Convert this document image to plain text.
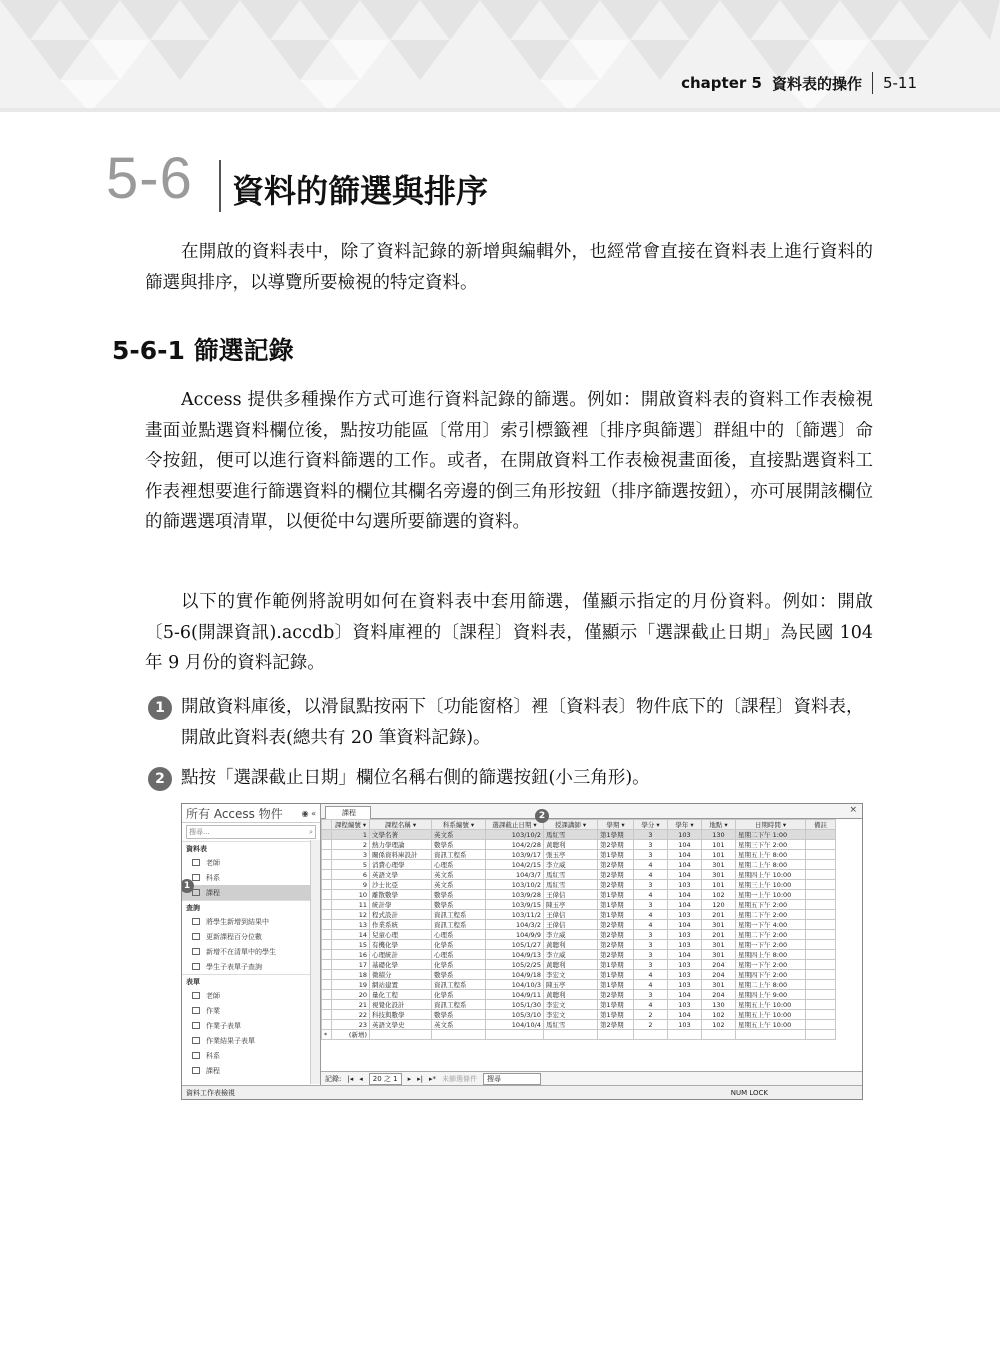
chapter 5 資料表的操作 5-11
5-6 資料的篩選與排序
在開啟的資料表中，除了資料記錄的新增與編輯外，也經常會直接在資料表上進行資料的篩選與排序，以導覽所要檢視的特定資料。
5-6-1 篩選記錄
Access 提供多種操作方式可進行資料記錄的篩選。例如：開啟資料表的資料工作表檢視畫面並點選資料欄位後，點按功能區〔常用〕索引標籤裡〔排序與篩選〕群組中的〔篩選〕命令按鈕，便可以進行資料篩選的工作。或者，在開啟資料工作表檢視畫面後，直接點選資料工作表裡想要進行篩選資料的欄位其欄名旁邊的倒三角形按鈕（排序篩選按鈕），亦可展開該欄位的篩選選項清單，以便從中勾選所要篩選的資料。
以下的實作範例將說明如何在資料表中套用篩選，僅顯示指定的月份資料。例如：開啟〔5-6(開課資訊).accdb〕資料庫裡的〔課程〕資料表，僅顯示「選課截止日期」為民國 104 年 9 月份的資料記錄。
1 開啟資料庫後，以滑鼠點按兩下〔功能窗格〕裡〔資料表〕物件底下的〔課程〕資料表，開啟此資料表(總共有 20 筆資料記錄)。
2 點按「選課截止日期」欄位名稱右側的篩選按鈕(小三角形)。
所有 Access 物件 ◉ «
搜尋...	⌕
資料表
老師
科系
課程
查詢
將學生新增到結果中
更新課程百分位數
新增不在清單中的學生
學生子表單子查詢
表單
老師
作業
作業子表單
作業結果子表單
科系
課程
課程	×
	課程編號 ▾	課程名稱 ▾	科系編號 ▾	選課截止日期 ▾	授課講師 ▾	學期 ▾	學分 ▾	學年 ▾	地點 ▾	日期時間 ▾	備註
	1	文學名著	英文系	103/10/2	馬紅雪	第1學期	3	103	130	星期二下午 1:00	
	2	熱力學理論	數學系	104/2/28	黃聰利	第2學期	3	104	101	星期三下午 2:00	
	3	關係資料庫設計	資訊工程系	103/9/17	張玉亭	第1學期	3	104	101	星期五上午 8:00	
	5	消費心理學	心理系	104/2/15	李立威	第2學期	4	104	301	星期二上午 8:00	
	6	英語文學	英文系	104/3/7	馬紅雪	第2學期	4	104	301	星期四上午 10:00	
	9	沙士比亞	英文系	103/10/2	馬紅雪	第2學期	3	103	101	星期三上午 10:00	
	10	離散數學	數學系	103/9/28	王偉信	第1學期	4	104	102	星期一上午 10:00	
	11	統計學	數學系	103/9/15	陳玉亭	第1學期	3	104	120	星期五下午 2:00	
	12	程式設計	資訊工程系	103/11/2	王偉信	第1學期	4	103	201	星期二下午 2:00	
	13	作業系統	資訊工程系	104/3/2	王偉信	第2學期	4	104	301	星期一下午 4:00	
	14	兒童心理	心理系	104/9/9	李立威	第2學期	3	103	201	星期二下午 2:00	
	15	有機化學	化學系	105/1/27	黃聰利	第2學期	3	103	301	星期一下午 2:00	
	16	心理統計	心理系	104/9/13	李立威	第2學期	3	104	301	星期四上午 8:00	
	17	基礎化學	化學系	105/2/25	黃聰利	第1學期	3	103	204	星期一下午 2:00	
	18	微積分	數學系	104/9/18	李宏文	第1學期	4	103	204	星期四下午 2:00	
	19	網站建置	資訊工程系	104/10/3	陳玉亭	第1學期	4	103	301	星期二上午 8:00	
	20	量化工程	化學系	104/9/11	黃聰利	第2學期	3	104	204	星期四上午 9:00	
	21	視覺化設計	資訊工程系	105/1/30	李宏文	第1學期	4	103	130	星期五上午 10:00	
	22	科技與數學	數學系	105/3/10	李宏文	第1學期	2	104	102	星期五上午 10:00	
	23	英語文學史	英文系	104/10/4	馬紅雪	第2學期	2	103	102	星期五上午 10:00	
*	(新增)										
2
1
記錄: |◂ ◂	20 之 1	▸ ▸| ▸* 未篩選條件	搜尋
資料工作表檢視	NUM LOCK
